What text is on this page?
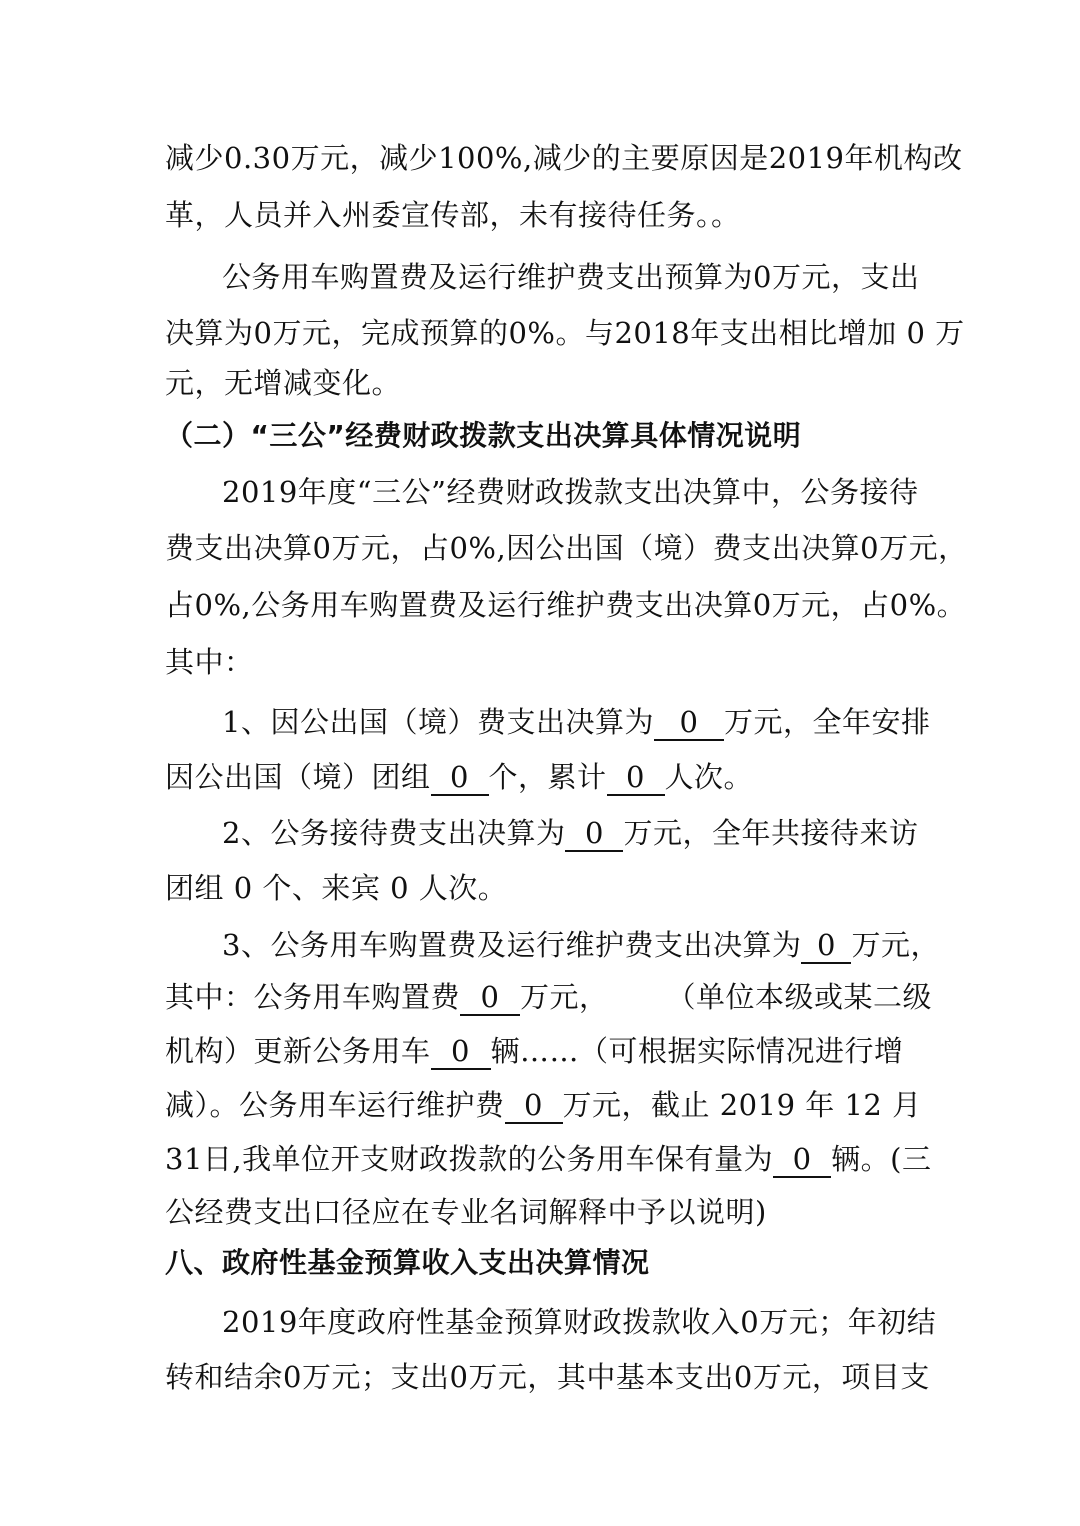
减少0.30万元，减少100%,减少的主要原因是2019年机构改
革，人员并入州委宣传部，未有接待任务。。
公务用车购置费及运行维护费支出预算为0万元，支出
决算为0万元，完成预算的0%。与2018年支出相比增加 0 万
元，无增减变化。
（二）“三公”经费财政拨款支出决算具体情况说明
2019年度“三公”经费财政拨款支出决算中，公务接待
费支出决算0万元，占0%,因公出国（境）费支出决算0万元，
占0%,公务用车购置费及运行维护费支出决算0万元，占0%。
其中：
1、因公出国（境）费支出决算为 0 万元，全年安排
因公出国（境）团组 0 个，累计 0 人次。
2、公务接待费支出决算为 0 万元，全年共接待来访
团组 0 个、来宾 0 人次。
3、公务用车购置费及运行维护费支出决算为 0 万元，
其中：公务用车购置费 0 万元， （单位本级或某二级
机构）更新公务用车 0 辆……（可根据实际情况进行增
减）。公务用车运行维护费 0 万元，截止 2019 年 12 月
31日,我单位开支财政拨款的公务用车保有量为 0 辆。(三
公经费支出口径应在专业名词解释中予以说明)
八、政府性基金预算收入支出决算情况
2019年度政府性基金预算财政拨款收入0万元；年初结
转和结余0万元；支出0万元，其中基本支出0万元，项目支
